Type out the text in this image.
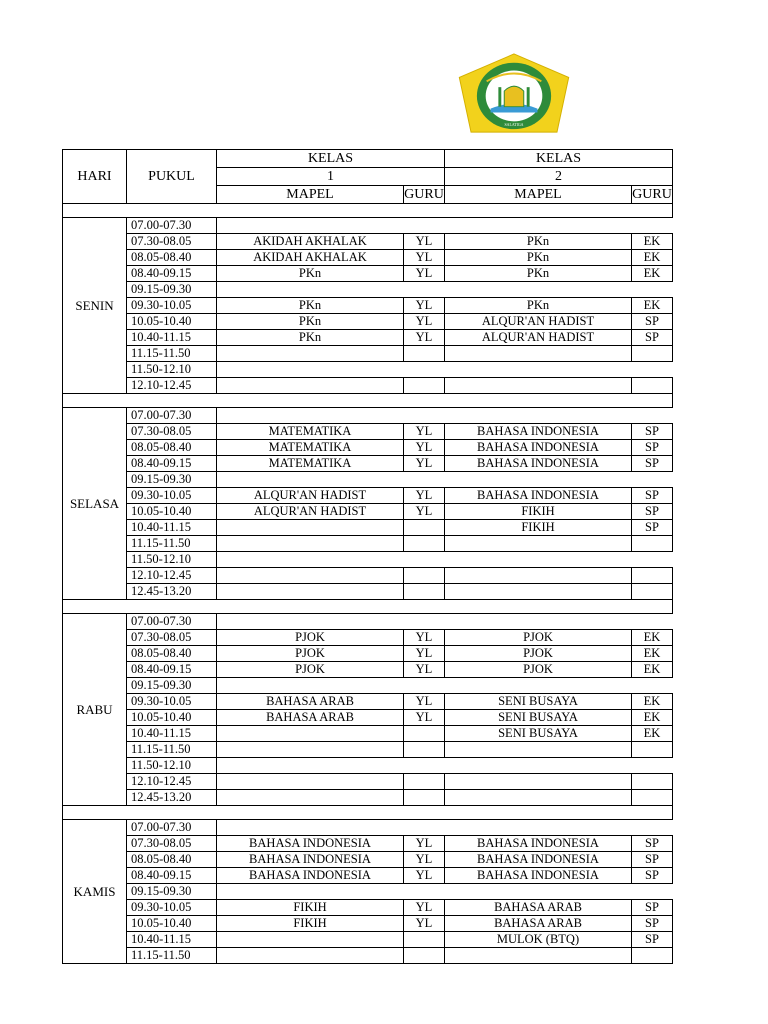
SALATIGA
HARI	PUKUL	KELAS		KELAS	
		1		2	
		MAPEL	GURU	MAPEL	GURU

SENIN	07.00-07.30				
	07.30-08.05	AKIDAH AKHALAK	YL	PKn	EK
	08.05-08.40	AKIDAH AKHALAK	YL	PKn	EK
	08.40-09.15	PKn	YL	PKn	EK
	09.15-09.30				
	09.30-10.05	PKn	YL	PKn	EK
	10.05-10.40	PKn	YL	ALQUR'AN HADIST	SP
	10.40-11.15	PKn	YL	ALQUR'AN HADIST	SP
	11.15-11.50				
	11.50-12.10				
	12.10-12.45				

SELASA	07.00-07.30				
	07.30-08.05	MATEMATIKA	YL	BAHASA INDONESIA	SP
	08.05-08.40	MATEMATIKA	YL	BAHASA INDONESIA	SP
	08.40-09.15	MATEMATIKA	YL	BAHASA INDONESIA	SP
	09.15-09.30				
	09.30-10.05	ALQUR'AN HADIST	YL	BAHASA INDONESIA	SP
	10.05-10.40	ALQUR'AN HADIST	YL	FIKIH	SP
	10.40-11.15			FIKIH	SP
	11.15-11.50				
	11.50-12.10				
	12.10-12.45				
	12.45-13.20				

RABU	07.00-07.30				
	07.30-08.05	PJOK	YL	PJOK	EK
	08.05-08.40	PJOK	YL	PJOK	EK
	08.40-09.15	PJOK	YL	PJOK	EK
	09.15-09.30				
	09.30-10.05	BAHASA ARAB	YL	SENI BUSAYA	EK
	10.05-10.40	BAHASA ARAB	YL	SENI BUSAYA	EK
	10.40-11.15			SENI BUSAYA	EK
	11.15-11.50				
	11.50-12.10				
	12.10-12.45				
	12.45-13.20				

KAMIS	07.00-07.30				
	07.30-08.05	BAHASA INDONESIA	YL	BAHASA INDONESIA	SP
	08.05-08.40	BAHASA INDONESIA	YL	BAHASA INDONESIA	SP
	08.40-09.15	BAHASA INDONESIA	YL	BAHASA INDONESIA	SP
	09.15-09.30				
	09.30-10.05	FIKIH	YL	BAHASA ARAB	SP
	10.05-10.40	FIKIH	YL	BAHASA ARAB	SP
	10.40-11.15			MULOK (BTQ)	SP
	11.15-11.50				
